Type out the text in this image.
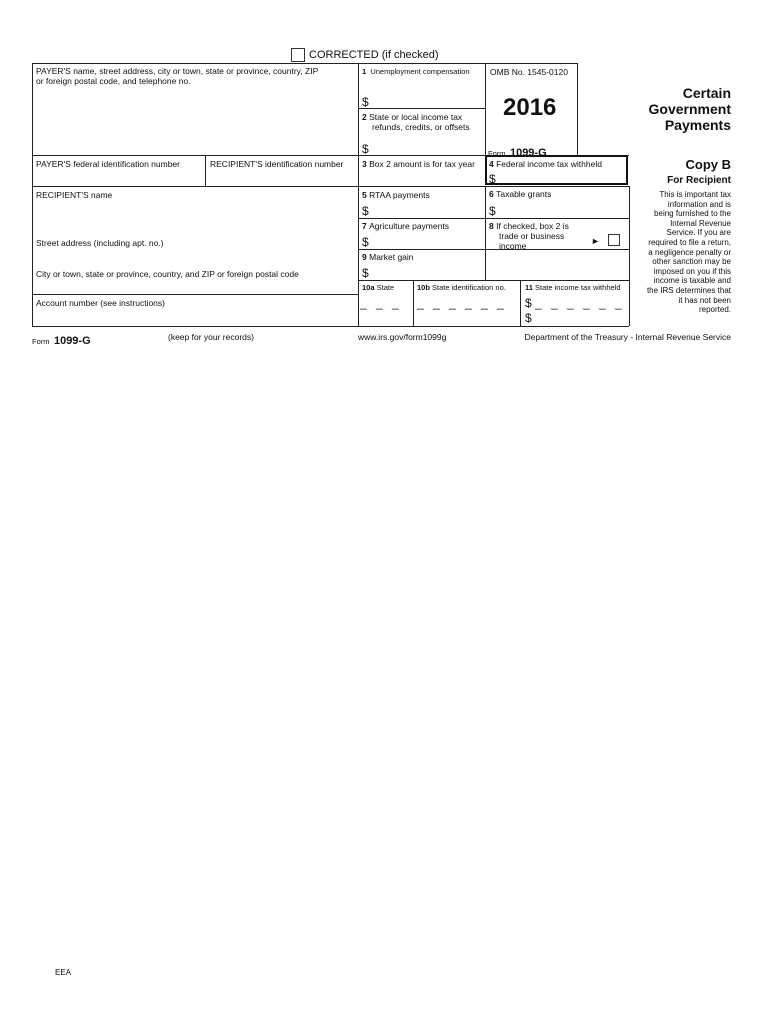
CORRECTED (if checked)
PAYER'S name, street address, city or town, state or province, country, ZIP
or foreign postal code, and telephone no.
PAYER'S federal identification number	RECIPIENT'S identification number
RECIPIENT'S name
Street address (including apt. no.)
City or town, state or province, country, and ZIP or foreign postal code
Account number (see instructions)
1 Unemployment compensation
$
2 State or local income tax
refunds, credits, or offsets
$
OMB No. 1545-0120
2016
Form 1099-G
Certain
Government
Payments
3 Box 2 amount is for tax year 4 Federal income tax withheld
$
Copy B
For Recipient
This is important tax
information and is
being furnished to the
Internal Revenue
Service. If you are
required to file a return,
a negligence penalty or
other sanction may be
imposed on you if this
income is taxable and
the IRS determines that
it has not been
reported.
5 RTAA payments
$
6 Taxable grants
$
7 Agriculture payments
$
8 If checked, box 2 is
trade or business
income	►
9 Market gain
$
10a State
_ _ _
10b State identification no.
_ _ _ _ _ _
11 State income tax withheld
$ _ _ _ _ _ _
$
Form 1099-G	(keep for your records)	www.irs.gov/form1099g	Department of the Treasury - Internal Revenue Service
EEA
